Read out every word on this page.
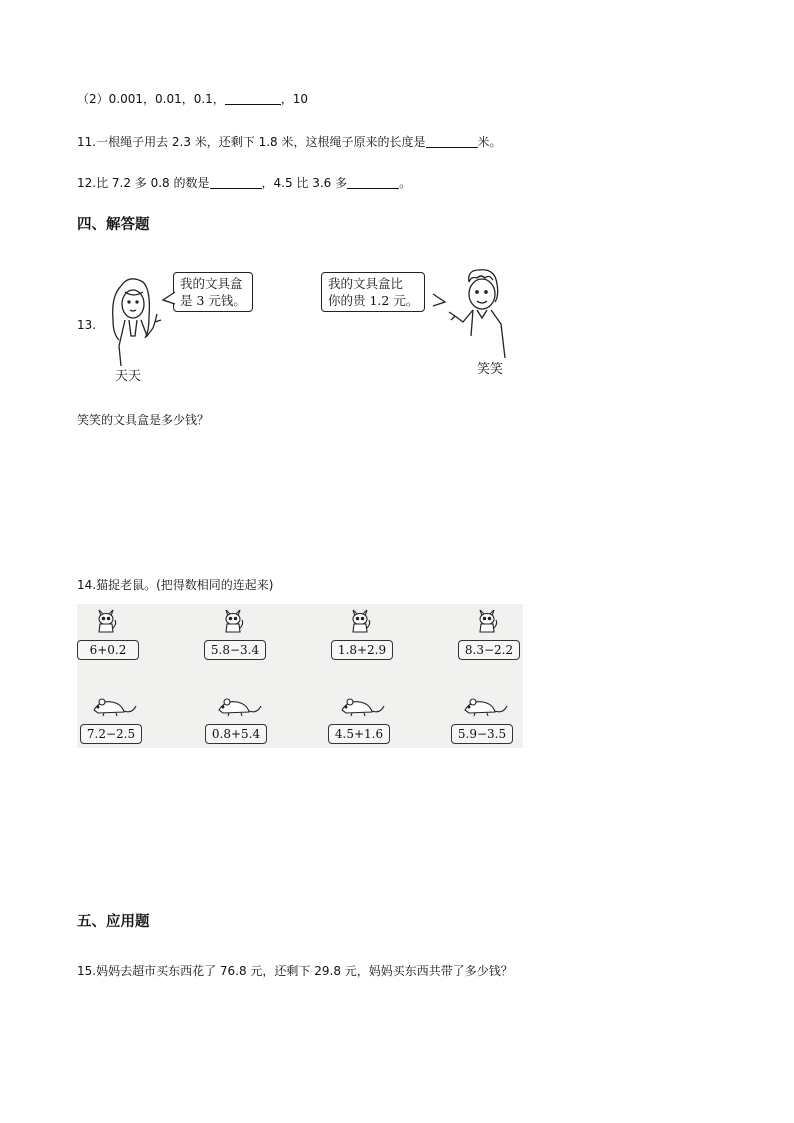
（2）0.001，0.01，0.1，	，10
11.一根绳子用去 2.3 米，还剩下 1.8 米，这根绳子原来的长度是	米。
12.比 7.2 多 0.8 的数是	，4.5 比 3.6 多	。
四、解答题
13.
天天
我的文具盒
是 3 元钱。
我的文具盒比
你的贵 1.2 元。
笑笑
笑笑的文具盒是多少钱？
14.猫捉老鼠。(把得数相同的连起来)
6+0.2	5.8−3.4	1.8+2.9	8.3−2.2
7.2−2.5	0.8+5.4	4.5+1.6	5.9−3.5
五、应用题
15.妈妈去超市买东西花了 76.8 元，还剩下 29.8 元，妈妈买东西共带了多少钱？
